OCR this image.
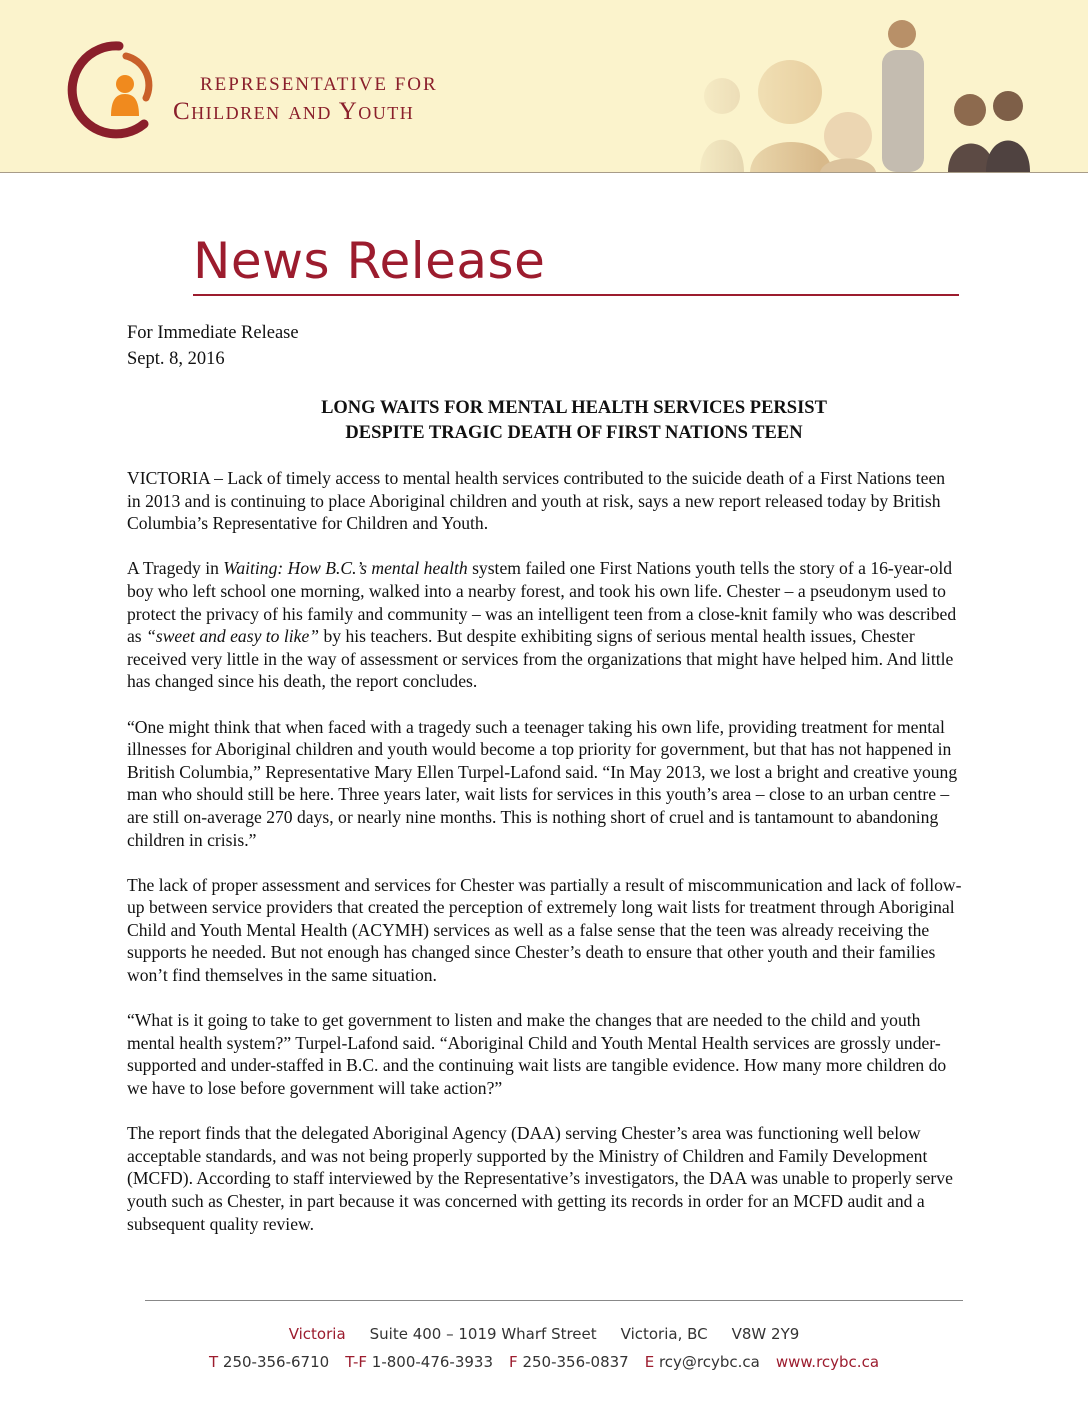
REPRESENTATIVE FOR
Children and Youth
News Release
For Immediate Release
Sept. 8, 2016
LONG WAITS FOR MENTAL HEALTH SERVICES PERSIST
DESPITE TRAGIC DEATH OF FIRST NATIONS TEEN

VICTORIA – Lack of timely access to mental health services contributed to the suicide death of a First Nations teen in 2013 and is continuing to place Aboriginal children and youth at risk, says a new report released today by British Columbia’s Representative for Children and Youth.

A Tragedy in Waiting: How B.C.’s mental health system failed one First Nations youth tells the story of a 16-year-old boy who left school one morning, walked into a nearby forest, and took his own life. Chester – a pseudonym used to protect the privacy of his family and community – was an intelligent teen from a close-knit family who was described as “sweet and easy to like” by his teachers. But despite exhibiting signs of serious mental health issues, Chester received very little in the way of assessment or services from the organizations that might have helped him. And little has changed since his death, the report concludes.

“One might think that when faced with a tragedy such a teenager taking his own life, providing treatment for mental illnesses for Aboriginal children and youth would become a top priority for government, but that has not happened in British Columbia,” Representative Mary Ellen Turpel-Lafond said. “In May 2013, we lost a bright and creative young man who should still be here. Three years later, wait lists for services in this youth’s area – close to an urban centre – are still on-average 270 days, or nearly nine months. This is nothing short of cruel and is tantamount to abandoning children in crisis.”

The lack of proper assessment and services for Chester was partially a result of miscommunication and lack of follow-up between service providers that created the perception of extremely long wait lists for treatment through Aboriginal Child and Youth Mental Health (ACYMH) services as well as a false sense that the teen was already receiving the supports he needed. But not enough has changed since Chester’s death to ensure that other youth and their families won’t find themselves in the same situation.

“What is it going to take to get government to listen and make the changes that are needed to the child and youth mental health system?” Turpel-Lafond said. “Aboriginal Child and Youth Mental Health services are grossly under-supported and under-staffed in B.C. and the continuing wait lists are tangible evidence. How many more children do we have to lose before government will take action?”

The report finds that the delegated Aboriginal Agency (DAA) serving Chester’s area was functioning well below acceptable standards, and was not being properly supported by the Ministry of Children and Family Development (MCFD). According to staff interviewed by the Representative’s investigators, the DAA was unable to properly serve youth such as Chester, in part because it was concerned with getting its records in order for an MCFD audit and a subsequent quality review.

Victoria Suite 400 – 1019 Wharf Street Victoria, BC V8W 2Y9
T 250-356-6710 T-F 1-800-476-3933 F 250-356-0837 E rcy@rcybc.ca www.rcybc.ca
